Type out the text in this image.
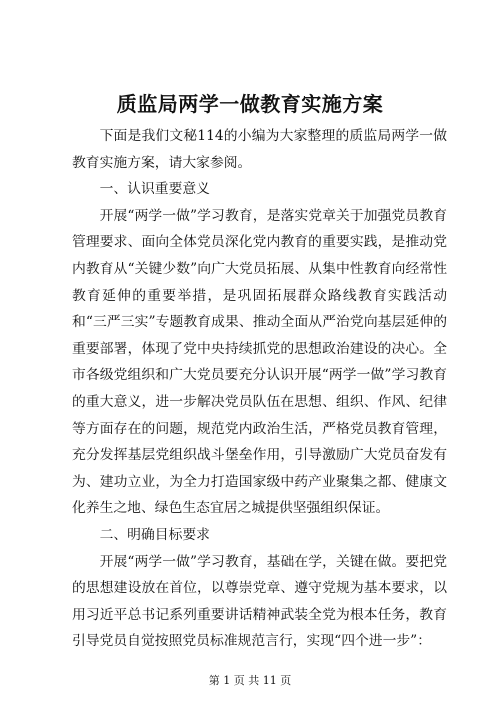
质监局两学一做教育实施方案

下面是我们文秘114的小编为大家整理的质监局两学一做教育实施方案，请大家参阅。

一、认识重要意义

开展“两学一做”学习教育，是落实党章关于加强党员教育管理要求、面向全体党员深化党内教育的重要实践，是推动党内教育从“关键少数”向广大党员拓展、从集中性教育向经常性教育延伸的重要举措，是巩固拓展群众路线教育实践活动和“三严三实”专题教育成果、推动全面从严治党向基层延伸的重要部署，体现了党中央持续抓党的思想政治建设的决心。全市各级党组织和广大党员要充分认识开展“两学一做”学习教育的重大意义，进一步解决党员队伍在思想、组织、作风、纪律等方面存在的问题，规范党内政治生活，严格党员教育管理，充分发挥基层党组织战斗堡垒作用，引导激励广大党员奋发有为、建功立业，为全力打造国家级中药产业聚集之都、健康文化养生之地、绿色生态宜居之城提供坚强组织保证。

二、明确目标要求

开展“两学一做”学习教育，基础在学，关键在做。要把党的思想建设放在首位，以尊崇党章、遵守党规为基本要求，以用习近平总书记系列重要讲话精神武装全党为根本任务，教育引导党员自觉按照党员标准规范言行，实现“四个进一步”：

第 1 页 共 11 页
